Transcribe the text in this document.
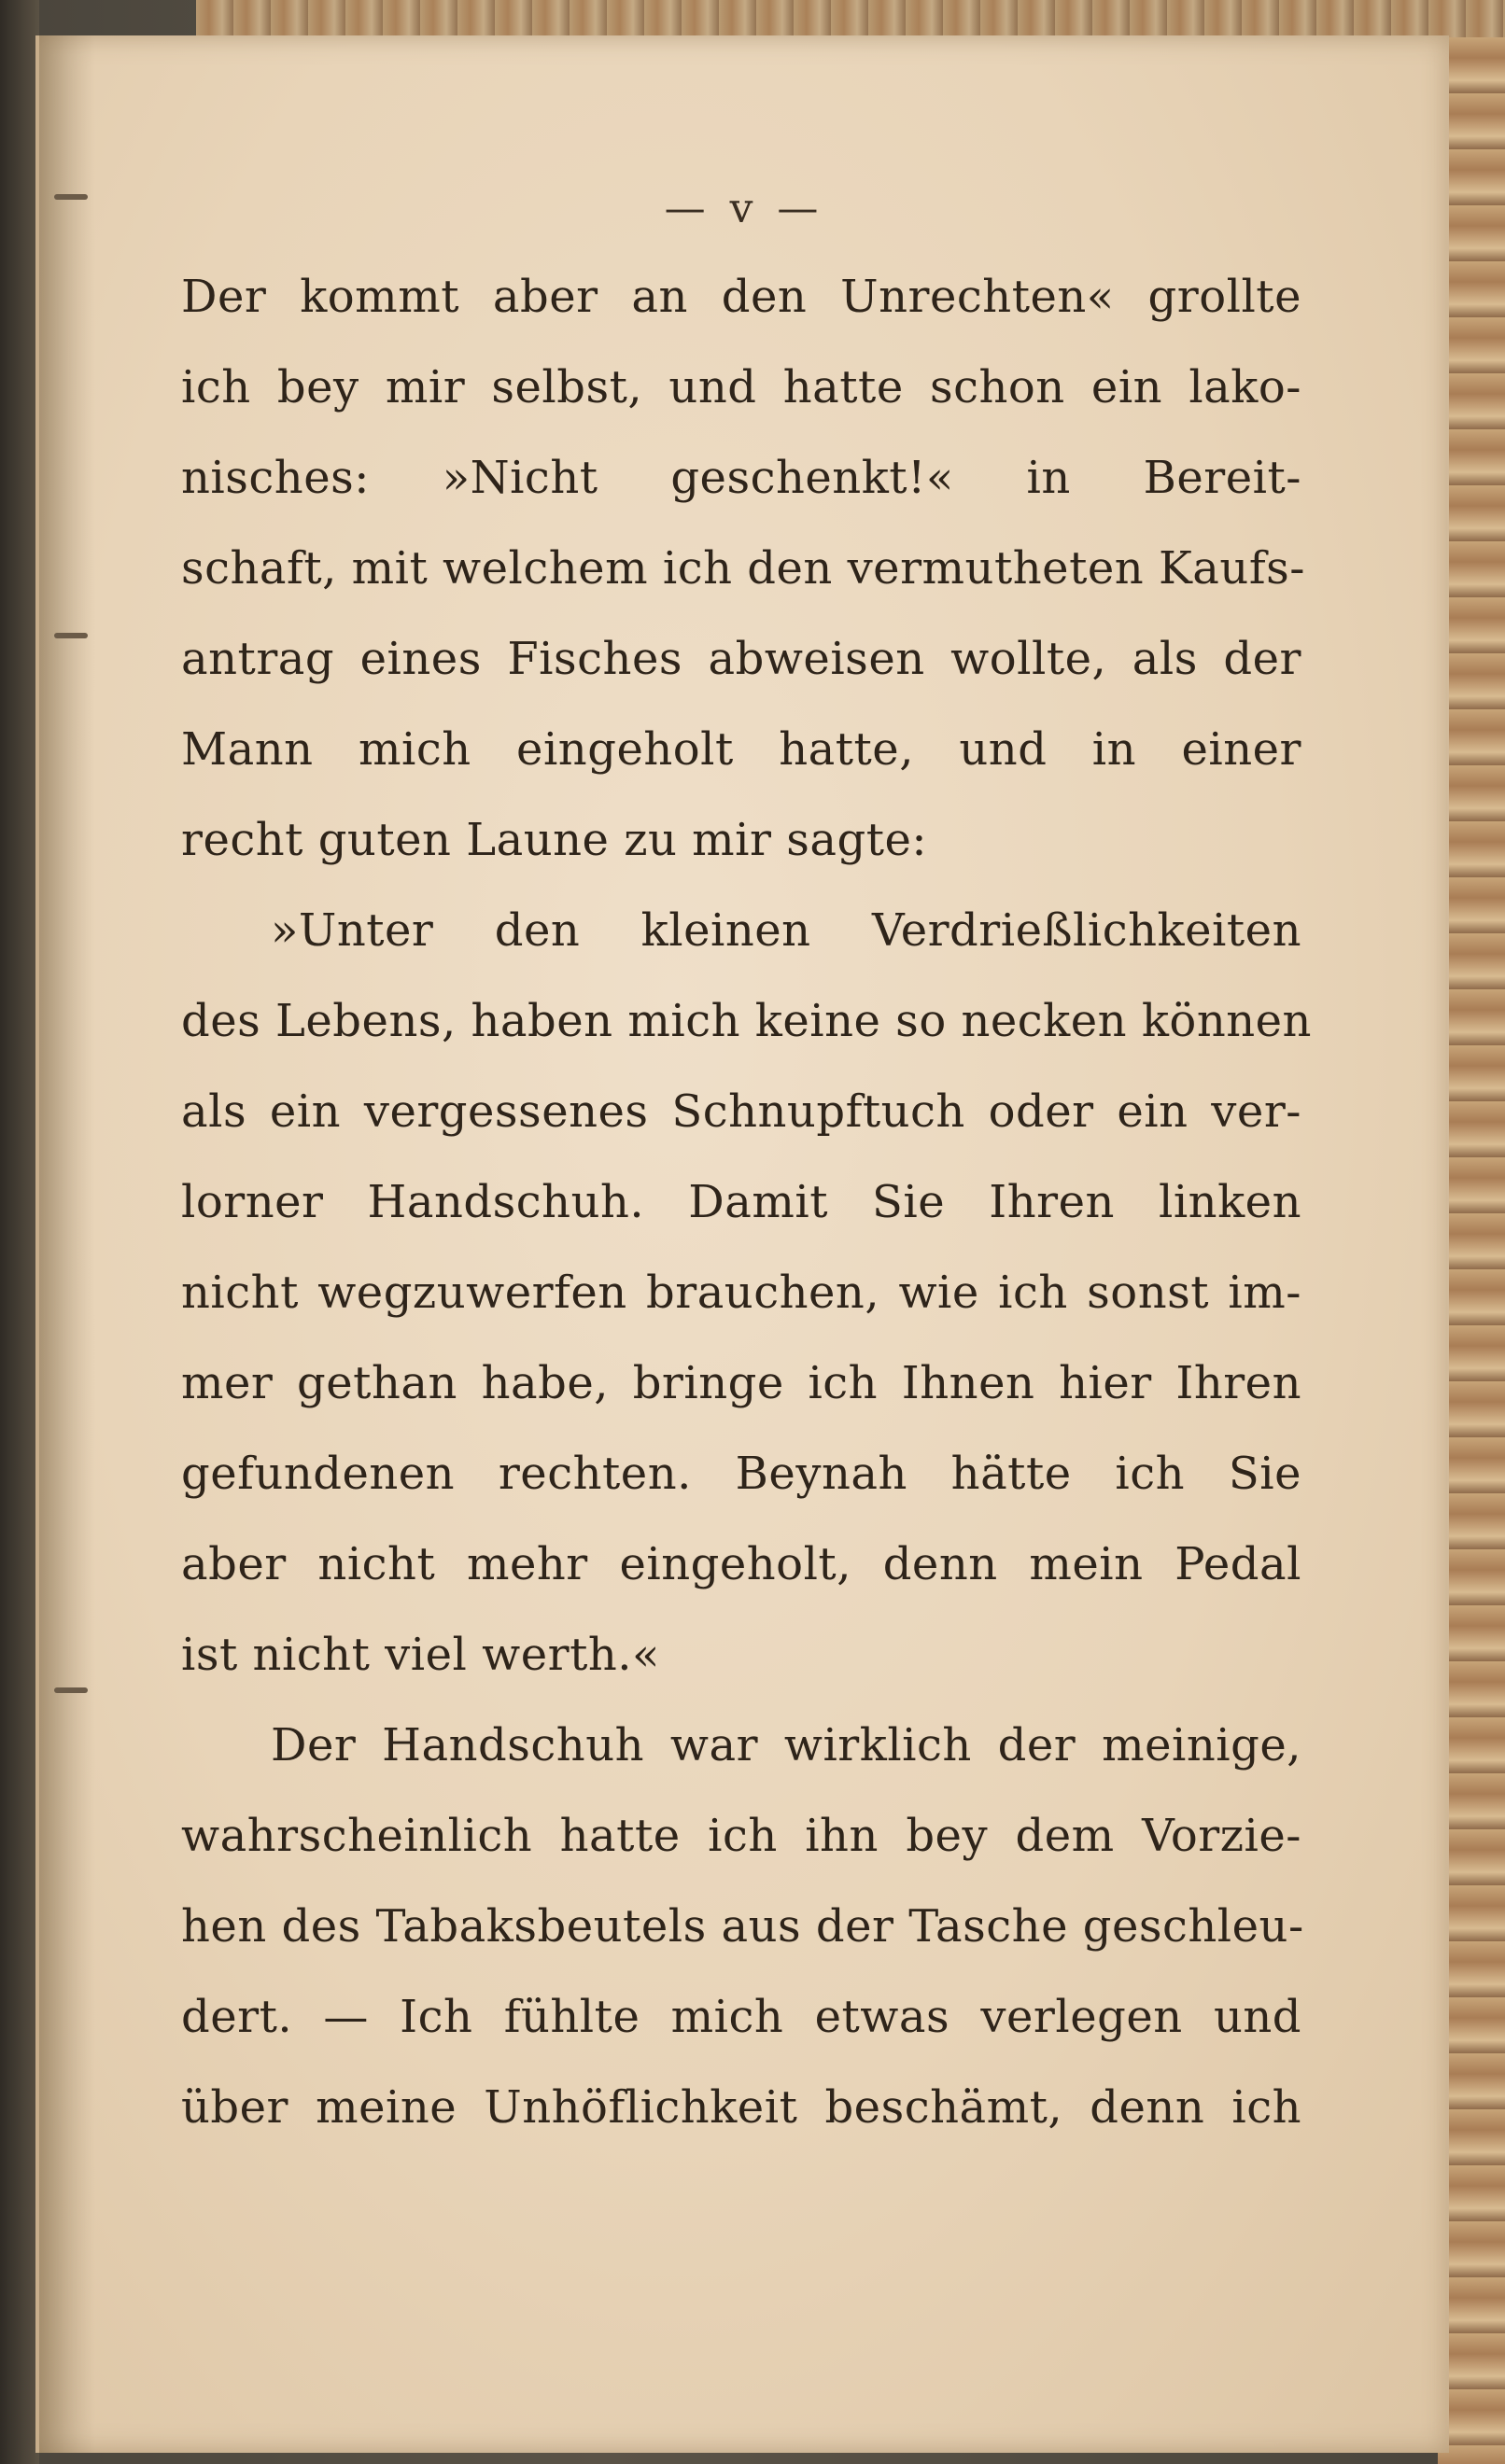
— v —
Der kommt aber an den Unrechten« grollte
ich bey mir selbst, und hatte schon ein lako-
nisches: »Nicht geschenkt!« in Bereit-
schaft, mit welchem ich den vermutheten Kaufs-
antrag eines Fisches abweisen wollte, als der
Mann mich eingeholt hatte, und in einer
recht guten Laune zu mir sagte:
»Unter den kleinen Verdrießlichkeiten
des Lebens, haben mich keine so necken können
als ein vergessenes Schnupftuch oder ein ver-
lorner Handschuh. Damit Sie Ihren linken
nicht wegzuwerfen brauchen, wie ich sonst im-
mer gethan habe, bringe ich Ihnen hier Ihren
gefundenen rechten. Beynah hätte ich Sie
aber nicht mehr eingeholt, denn mein Pedal
ist nicht viel werth.«
Der Handschuh war wirklich der meinige,
wahrscheinlich hatte ich ihn bey dem Vorzie-
hen des Tabaksbeutels aus der Tasche geschleu-
dert. — Ich fühlte mich etwas verlegen und
über meine Unhöflichkeit beschämt, denn ich
